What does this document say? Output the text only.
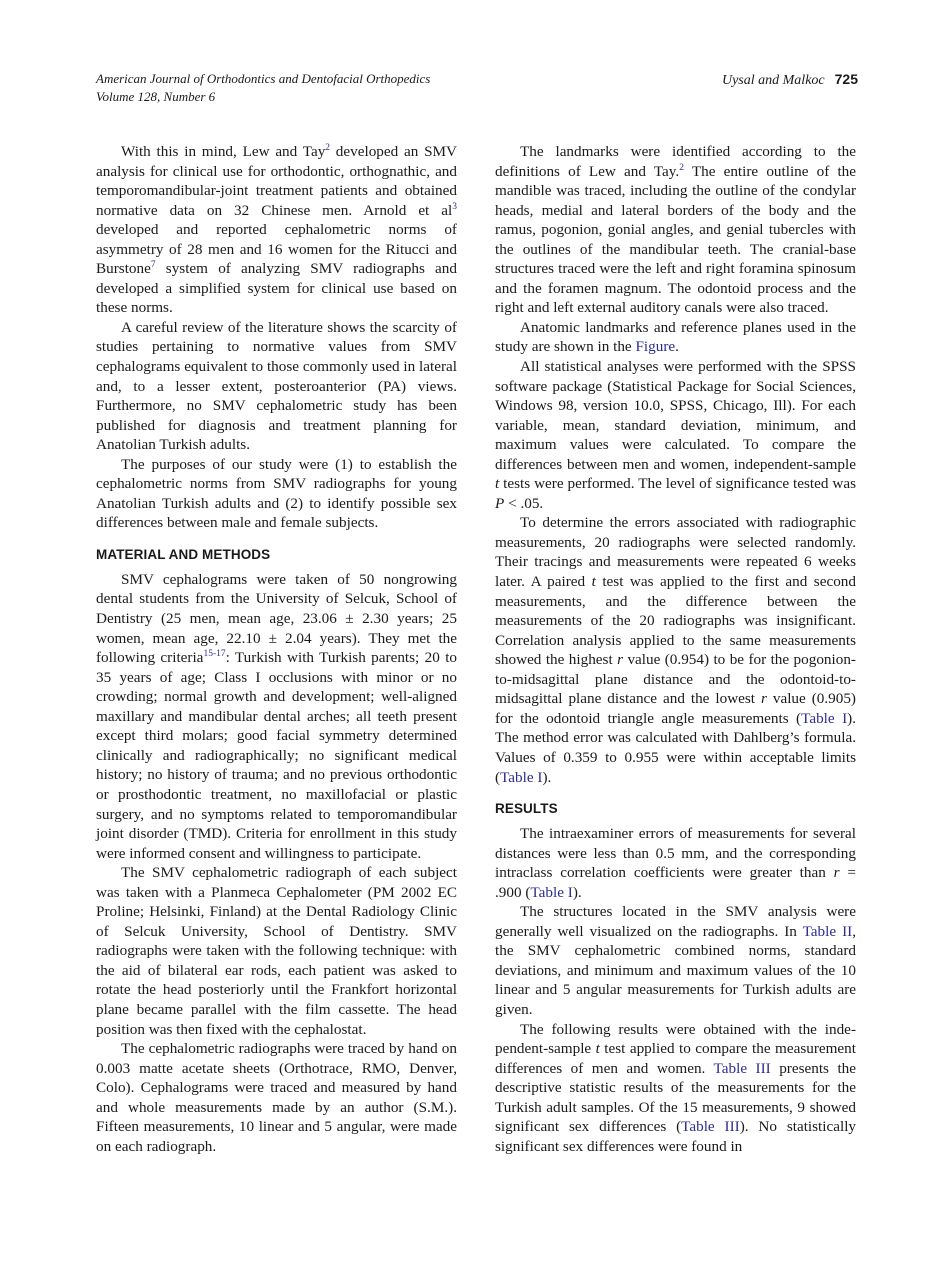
American Journal of Orthodontics and Dentofacial Orthopedics
Volume 128, Number 6
Uysal and Malkoc 725

With this in mind, Lew and Tay$^2$ developed an SMV analysis for clinical use for orthodontic, orthognathic, and temporomandibular-joint treatment patients and obtained normative data on 32 Chinese men. Arnold et al$^3$ developed and reported cephalometric norms of asymmetry of 28 men and 16 women for the Ritucci and Burstone$^7$ system of analyzing SMV radiographs and developed a simplified system for clinical use based on these norms.

A careful review of the literature shows the scarcity of studies pertaining to normative values from SMV cephalograms equivalent to those commonly used in lateral and, to a lesser extent, posteroanterior (PA) views. Furthermore, no SMV cephalometric study has been published for diagnosis and treatment planning for Anatolian Turkish adults.

The purposes of our study were (1) to establish the cephalometric norms from SMV radiographs for young Anatolian Turkish adults and (2) to identify possible sex differences between male and female subjects.

MATERIAL AND METHODS

SMV cephalograms were taken of 50 nongrowing dental students from the University of Selcuk, School of Dentistry (25 men, mean age, 23.06 ± 2.30 years; 25 women, mean age, 22.10 ± 2.04 years). They met the following criteria$^{15-17}$: Turkish with Turkish parents; 20 to 35 years of age; Class I occlusions with minor or no crowding; normal growth and development; well-aligned maxillary and mandibular dental arches; all teeth present except third molars; good facial symmetry determined clinically and radiographically; no significant medical history; no history of trauma; and no previous orthodontic or prosthodontic treatment, no maxillofacial or plastic surgery, and no symptoms related to temporomandibular joint disorder (TMD). Criteria for enrollment in this study were informed consent and willingness to participate.

The SMV cephalometric radiograph of each subject was taken with a Planmeca Cephalometer (PM 2002 EC Proline; Helsinki, Finland) at the Dental Radiology Clinic of Selcuk University, School of Dentistry. SMV radiographs were taken with the following technique: with the aid of bilateral ear rods, each patient was asked to rotate the head posteriorly until the Frankfort horizontal plane became parallel with the film cassette. The head position was then fixed with the cephalostat.

The cephalometric radiographs were traced by hand on 0.003 matte acetate sheets (Orthotrace, RMO, Denver, Colo). Cephalograms were traced and measured by hand and whole measurements made by an author (S.M.). Fifteen measurements, 10 linear and 5 angular, were made on each radiograph.

The landmarks were identified according to the definitions of Lew and Tay.$^2$ The entire outline of the mandible was traced, including the outline of the condylar heads, medial and lateral borders of the body and the ramus, pogonion, gonial angles, and genial tubercles with the outlines of the mandibular teeth. The cranial-base structures traced were the left and right foramina spinosum and the foramen magnum. The odontoid process and the right and left external auditory canals were also traced.

Anatomic landmarks and reference planes used in the study are shown in the Figure.

All statistical analyses were performed with the SPSS software package (Statistical Package for Social Sciences, Windows 98, version 10.0, SPSS, Chicago, Ill). For each variable, mean, standard deviation, minimum, and maximum values were calculated. To compare the differences between men and women, independent-sample t tests were performed. The level of significance tested was P < .05.

To determine the errors associated with radiographic measurements, 20 radiographs were selected randomly. Their tracings and measurements were repeated 6 weeks later. A paired t test was applied to the first and second measurements, and the difference between the measurements of the 20 radiographs was insignificant. Correlation analysis applied to the same measurements showed the highest r value (0.954) to be for the pogonion-to-midsagittal plane distance and the odontoid-to-midsagittal plane distance and the lowest r value (0.905) for the odontoid triangle angle measurements (Table I). The method error was calculated with Dahlberg’s formula. Values of 0.359 to 0.955 were within acceptable limits (Table I).

RESULTS

The intraexaminer errors of measurements for several distances were less than 0.5 mm, and the corresponding intraclass correlation coefficients were greater than r = .900 (Table I).

The structures located in the SMV analysis were generally well visualized on the radiographs. In Table II, the SMV cephalometric combined norms, standard deviations, and minimum and maximum values of the 10 linear and 5 angular measurements for Turkish adults are given.

The following results were obtained with the independent-sample t test applied to compare the measurement differences of men and women. Table III presents the descriptive statistic results of the measurements for the Turkish adult samples. Of the 15 measurements, 9 showed significant sex differences (Table III). No statistically significant sex differences were found in
